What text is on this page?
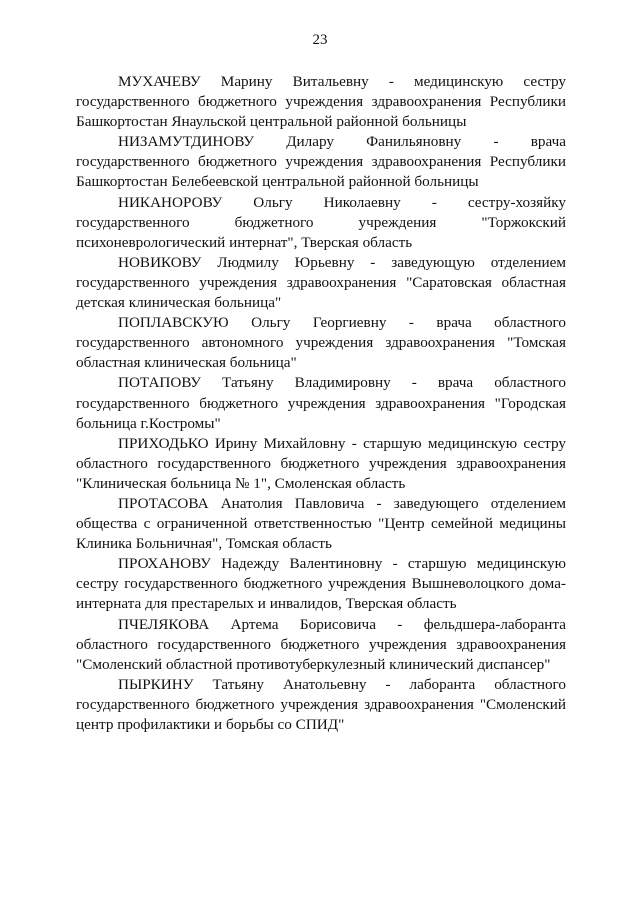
23

МУХАЧЕВУ Марину Витальевну - медицинскую сестру государственного бюджетного учреждения здравоохранения Республики Башкортостан Янаульской центральной районной больницы

НИЗАМУТДИНОВУ Дилару Фанильяновну - врача государственного бюджетного учреждения здравоохранения Республики Башкортостан Белебеевской центральной районной больницы

НИКАНОРОВУ Ольгу Николаевну - сестру-хозяйку государственного бюджетного учреждения "Торжокский психоневрологический интернат", Тверская область

НОВИКОВУ Людмилу Юрьевну - заведующую отделением государственного учреждения здравоохранения "Саратовская областная детская клиническая больница"

ПОПЛАВСКУЮ Ольгу Георгиевну - врача областного государственного автономного учреждения здравоохранения "Томская областная клиническая больница"

ПОТАПОВУ Татьяну Владимировну - врача областного государственного бюджетного учреждения здравоохранения "Городская больница г.Костромы"

ПРИХОДЬКО Ирину Михайловну - старшую медицинскую сестру областного государственного бюджетного учреждения здравоохранения "Клиническая больница № 1", Смоленская область

ПРОТАСОВА Анатолия Павловича - заведующего отделением общества с ограниченной ответственностью "Центр семейной медицины Клиника Больничная", Томская область

ПРОХАНОВУ Надежду Валентиновну - старшую медицинскую сестру государственного бюджетного учреждения Вышневолоцкого дома-интерната для престарелых и инвалидов, Тверская область

ПЧЕЛЯКОВА Артема Борисовича - фельдшера-лаборанта областного государственного бюджетного учреждения здравоохранения "Смоленский областной противотуберкулезный клинический диспансер"

ПЫРКИНУ Татьяну Анатольевну - лаборанта областного государственного бюджетного учреждения здравоохранения "Смоленский центр профилактики и борьбы со СПИД"
